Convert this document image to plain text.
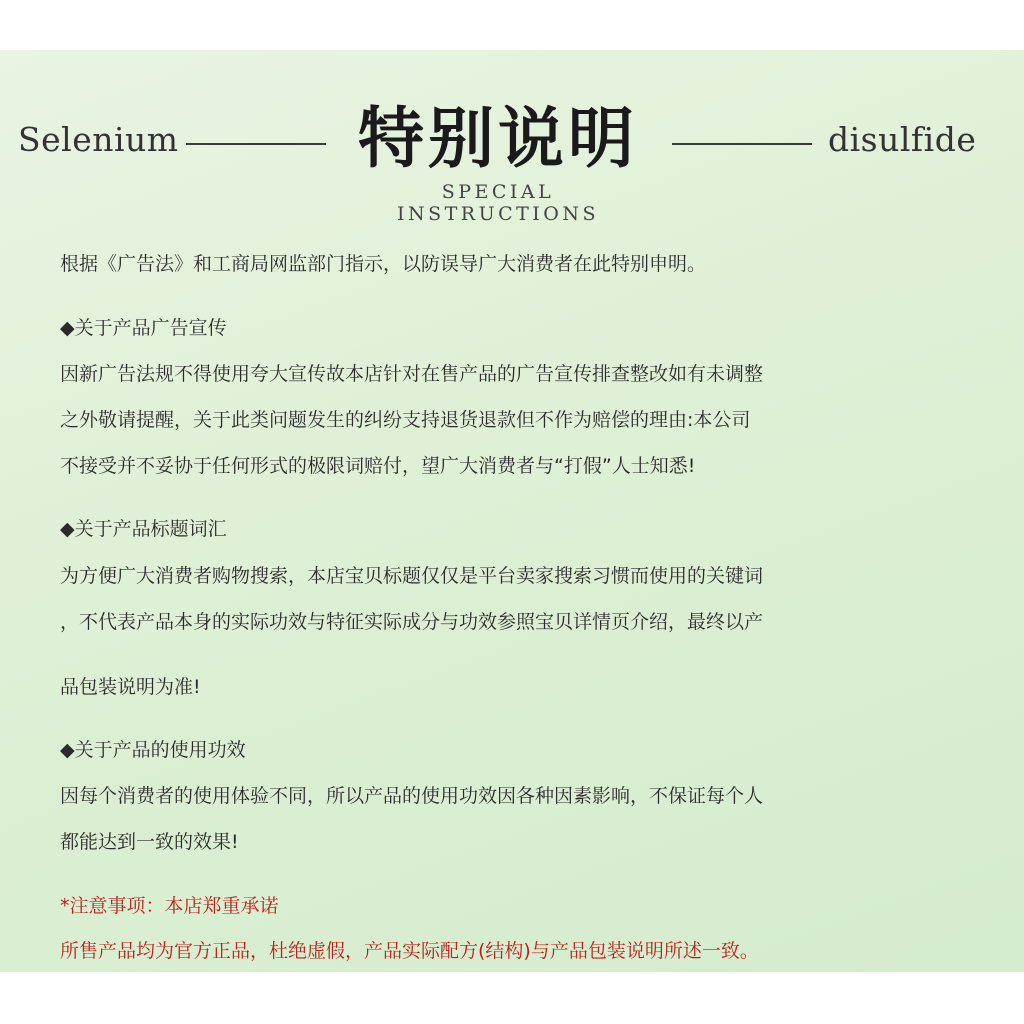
Selenium	特别说明
SPECIAL INSTRUCTIONS
disulfide
根据《广告法》和工商局网监部门指示，以防误导广大消费者在此特别申明。
◆关于产品广告宣传
因新广告法规不得使用夸大宣传故本店针对在售产品的广告宣传排查整改如有未调整
之外敬请提醒，关于此类问题发生的纠纷支持退货退款但不作为赔偿的理由:本公司
不接受并不妥协于任何形式的极限词赔付，望广大消费者与“打假”人士知悉!
◆关于产品标题词汇
为方便广大消费者购物搜索，本店宝贝标题仅仅是平台卖家搜索习惯而使用的关键词
，不代表产品本身的实际功效与特征实际成分与功效参照宝贝详情页介绍，最终以产
品包装说明为准!
◆关于产品的使用功效
因每个消费者的使用体验不同，所以产品的使用功效因各种因素影响，不保证每个人
都能达到一致的效果!
*注意事项：本店郑重承诺
所售产品均为官方正品，杜绝虚假，产品实际配方(结构)与产品包装说明所述一致。
